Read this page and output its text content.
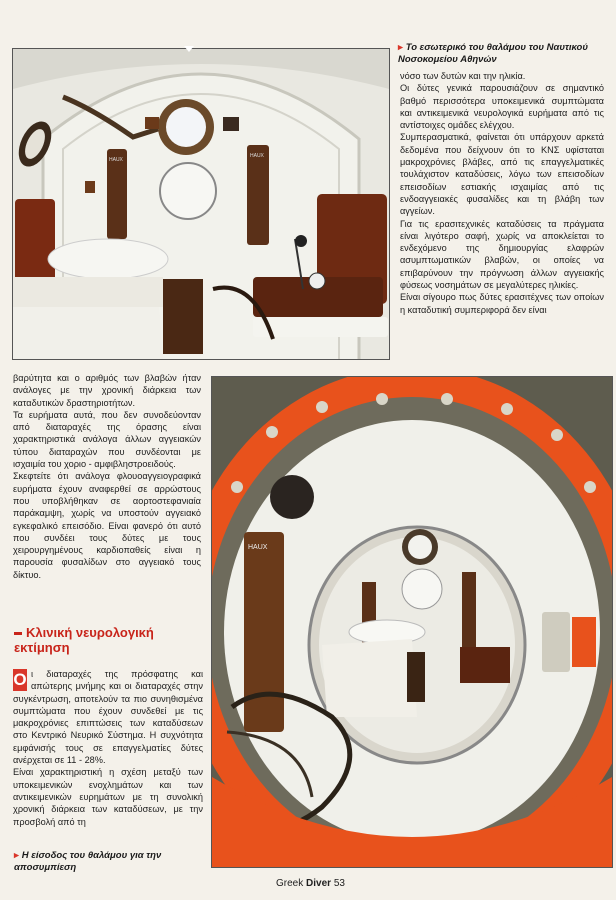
HAUX
HAUX
▸ Το εσωτερικό του θαλάμου του Ναυτικού Νοσοκομείου Αθηνών

νόσο των δυτών και την ηλικία.

Οι δύτες γενικά παρουσιάζουν σε σημαντικό βαθμό περισσότερα υποκειμενικά συμπτώματα και αντικειμενικά νευρολογικά ευρήματα από τις αντίστοιχες ομάδες ελέγχου.

Συμπερασματικά, φαίνεται ότι υπάρχουν αρκετά δεδομένα που δείχνουν ότι το ΚΝΣ υφίσταται μακροχρόνιες βλάβες, από τις επαγγελματικές τουλάχιστον καταδύσεις, λόγω των επεισοδίων επεισοδίων εστιακής ισχαιμίας από τις ενδοαγγειακές φυσαλίδες και τη βλάβη των αγγείων.

Για τις ερασιτεχνικές καταδύσεις τα πράγματα είναι λιγότερο σαφή, χωρίς να αποκλείεται το ενδεχόμενο της δημιουργίας ελαφρών ασυμπτωματικών βλαβών, οι οποίες να επιβαρύνουν την πρόγνωση άλλων αγγειακής φύσεως νοσημάτων σε μεγαλύτερες ηλικίες.

Είναι σίγουρο πως δύτες ερασιτέχνες των οποίων η καταδυτική συμπεριφορά δεν είναι

βαρύτητα και ο αριθμός των βλαβών ήταν ανάλογες με την χρονική διάρκεια των καταδυτικών δραστηριοτήτων.

Τα ευρήματα αυτά, που δεν συνοδεύονταν από διαταραχές της όρασης είναι χαρακτηριστικά ανάλογα άλλων αγγειακών τύπου διαταραχών που συνδέονται με ισχαιμία του χοριο - αμφιβληστροειδούς.

Σκεφτείτε ότι ανάλογα φλουοαγγειογραφικά ευρήματα έχουν αναφερθεί σε αρρώστους που υποβλήθηκαν σε αορτοστεφανιαία παράκαμψη, χωρίς να υποστούν αγγειακό εγκεφαλικό επεισόδιο. Είναι φανερό ότι αυτό που συνδέει τους δύτες με τους χειρουργημένους καρδιοπαθείς είναι η παρουσία φυσαλίδων στο αγγειακό τους δίκτυο.

Κλινική νευρολογική εκτίμηση

Ο ι διαταραχές της πρόσφατης και απώτερης μνήμης και οι διαταραχές στην συγκέντρωση, αποτελούν τα πιο συνηθισμένα συμπτώματα που έχουν συνδεθεί με τις μακροχρόνιες επιπτώσεις των καταδύσεων στο Κεντρικό Νευρικό Σύστημα. Η συχνότητα εμφάνισής τους σε επαγγελματίες δύτες ανέρχεται σε 11 - 28%.

Είναι χαρακτηριστική η σχέση μεταξύ των υποκειμενικών ενοχλημάτων και των αντικειμενικών ευρημάτων με τη συνολική χρονική διάρκεια των καταδύσεων, με την προσβολή από τη

HAUX
▸ Η είσοδος του θαλάμου για την αποσυμπίεση
Greek Diver 53
